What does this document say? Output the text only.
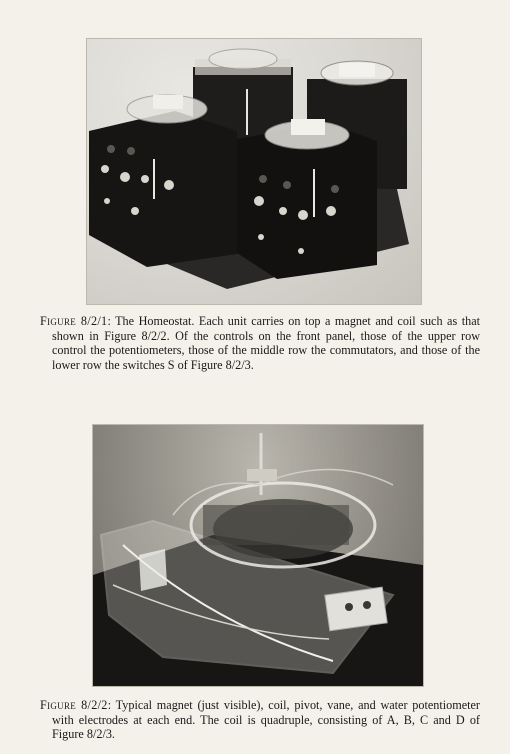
Figure 8/2/1: The Homeostat. Each unit carries on top a magnet and coil such as that shown in Figure 8/2/2. Of the controls on the front panel, those of the upper row control the potentiometers, those of the middle row the commutators, and those of the lower row the switches S of Figure 8/2/3.
Figure 8/2/2: Typical magnet (just visible), coil, pivot, vane, and water potentiometer with electrodes at each end. The coil is quadruple, consisting of A, B, C and D of Figure 8/2/3.
